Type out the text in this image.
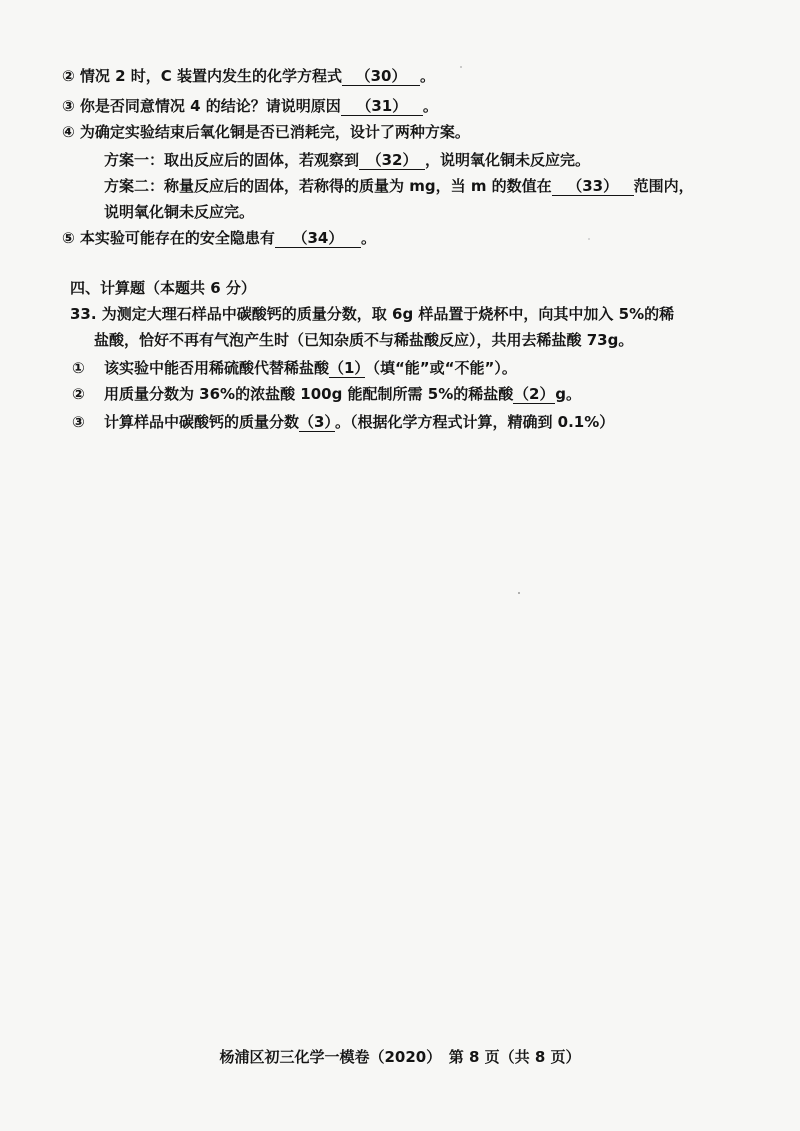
② 情况 2 时，C 装置内发生的化学方程式 （30） 。
③ 你是否同意情况 4 的结论？请说明原因 （31） 。
④ 为确定实验结束后氧化铜是否已消耗完，设计了两种方案。
方案一：取出反应后的固体，若观察到 （32） ，说明氧化铜未反应完。
方案二：称量反应后的固体，若称得的质量为 mg，当 m 的数值在 （33） 范围内，
说明氧化铜未反应完。
⑤ 本实验可能存在的安全隐患有 （34） 。
四、计算题（本题共 6 分）
33. 为测定大理石样品中碳酸钙的质量分数，取 6g 样品置于烧杯中，向其中加入 5%的稀
盐酸，恰好不再有气泡产生时（已知杂质不与稀盐酸反应），共用去稀盐酸 73g。
① 该实验中能否用稀硫酸代替稀盐酸（1）（填“能”或“不能”）。
② 用质量分数为 36%的浓盐酸 100g 能配制所需 5%的稀盐酸（2）g。
③ 计算样品中碳酸钙的质量分数（3）。（根据化学方程式计算，精确到 0.1%）
杨浦区初三化学一模卷（2020）　第 8 页（共 8 页）
